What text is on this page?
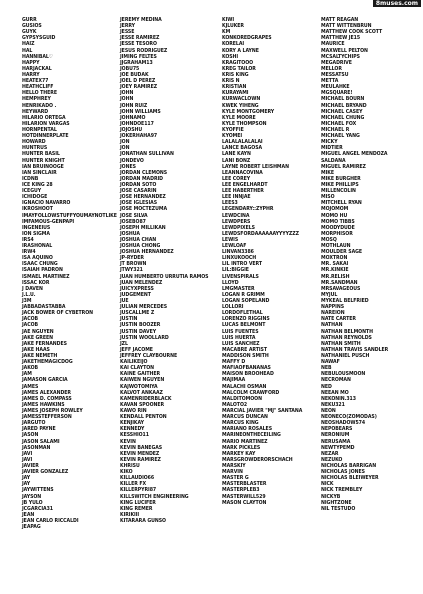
8muses.com
GURR
GUSIOS
GUYK
GYPSYSGUID
HAIZ
HAL
HANNIBAL♡
HAPPY
HARJACKAL
HARRY
HEATEX77
HEATHCLIFF
HELLO THERE
HEMPHREY
HENRIKADO .
HEYWARD
HILARIO ORTEGA
HILARION VARGAS
HORNPENTAL
HOTDINNERPLATE
HOWARD
HUNTRUS
HUNTER BASIL
HUNTER KNIGHT
IAN BRUINOOGE
IAN SINCLAIR
ICDNB
ICE KING 28
ICEGUY
ICHIDOGE
IGNACIO NAVARRO
IKROSHOOT
IMAYFOLLOWSTUFFYOUMAYNOTLIKE
IMFAMOUS-GENPAPI
INGENEIUS
ION SIGMA
IRS4
IRASHONAL
IRW4
ISA AQUINO
ISAAC CHUNG
ISAIAH PADRON
ISMAEL MARTINEZ
ISSAC KOR
J DAVEN
J.L.U.
J3M
JABBADASTABBA
JACK BOWER OF CYBETRON
JACOB
JACOB
JAE NGUYEN
JAKE GREEN
JAKE FERNANDES
JAKE HAAS
JAKE NEMETH
JAKETHEMAGICDOG
JAKOB
JAM
JAMASON GARCIA
JAMES
JAMES ALEXANDER
JAMES D. COMPASS
JAMES HAWKINS
JAMES JOSEPH ROWLEY
JAMESSTEFFERSON
JARGUTO
JARED PAYNE
JASON
JASON SALAMI
JASONMAN
JAVI
JAVI
JAVIER
JAVIER GONZALEZ
JAY
JAY
JAYWITTENS
JAYSON
JB YULO
JCGARCIA31
JEAN
JEAN CARLO RICCALDI
JEAPAG
JEREMY MEDINA
JERRY
JESSE
JESSE RAMIREZ
JESSE TESORO
JESUS RODRIGUEZ
JIMING FELTES
JJGRAHAM13
JOBU75
JOE BUDAK
JOEL D PEREZ
JOEY RAMIREZ
JOHN
JOHN
JOHN RUIZ
JOHN WILLIAMS
JOHNAMO
JOHNDOE117
JOJOSHU
JOKERHAHA97
JON
JON
JONATHAN SULLIVAN
JONDEVO
JONES
JORDAN CLEMONS
JORDAN MADRID
JORDAN SOTO
JOSE CASARIN
JOSE HERNANDEZ
JOSE IGLESIAS
JOSE MOCTEZUMA
JOSE SILVA
JOSEBO87
JOSEPH MILLIKAN
JOSHUA
JOSHUA CHAN
JOSHUA CHONG
JOSHUA HERNANDEZ
JP-RYDER
JT BROWN
JTWY321
JUAN HUMBERTO URRUTIA RAMOS
JUAN MELENDEZ
JUICYXPRESS
JUDGEMENT
JUE
JULIAN MERCEDES
JUSCALLME Z
JUSTIN
JUSTIN BOOZER
JUSTIN DAVEY
JUSTIN WOOLLARD
JZL
JEFF JACOME
JEFFREY CLAYBOURNE
KAILIKEIJO
KAI CLAYTON
KAINE GAITHER
KAIWEN NGUYEN
KAJWOTOMIYA
KALVOT ANKAAZ
KAMENRIDERBLACK
KAVAN SPOONER
KAWO RIN
KENDALL PENTON
KENJIKAY
KENNEDY
KESSHIO11
KEVIN
KEVIN BANEGAS
KEVIN MENDEZ
KEVIN RAMIREZ
KHRISU
KIKO
KILLAUDIO66
KILLER FX
KILLERPYRI87
KILLSWITCH ENGINEERING
KING LUCIFER
KING REMER
KIRIKIII
KITARARA GUNSO
KIWI
KJLUKER
KM
KONKOREDGRAPES
KORELAI
KORY A LAYNE
KOSHI
KRAGITOOO
KREG TAILOR
KRIS KING
KRIS N
KRISTIAN
KURAYAMI
KURWACLOWN
KWEK YIHENG
KYLE MONTGOMERY
KYLE MOORE
KYLE THOMPSON
KYOFFIE
KYOMEI
LALALALALALAI
LANCE BAGOSA
LANE KAYN
LANI BONZ
LAYNE ROBERT LEISHMAN
LEANNACOVINA
LEE COREY
LEE ENGELHARDT
LEE HABERTHER
LEE INNJAE
LEES3
LEGENDARY::ZYPHR
LEWDCINA
LEWDPERS
LEWDPIXELS
LEWDSFORDAAAAAAYYYYZZZ
LEWIS
LEWLOAF
LINVAN3386
LINXUKOOCH
LIL INTRO VERT
LIL:BIGGIE
LIVENSPIRALS
LLOYD
LMGMASTER
LOGAN R GRIMM
LOGAN SOPELAND
LOLLORI
LORDOFLETHAL
LORENZO RIGGINS
LUCAS BELMONT
LUIS FUENTES
LUIS HUERTA
LUIS SANCHEZ
MACABRE ARTIST
MADDISON SMITH
MAFFY D
MAFIAOFBANANAS
MAISON BROOHEAD
MAJIMAA
MALACHI OSMAN
MALCOLM CRAWFORD
MALDITOMOON
MALOTO2
MARCIAL JAVIER "MJ" SANTANA
MARCUS DUNCAN
MARCUS KING
MARIANO ROSALES
MARINEONTHECEILING
MARIO MARTINEZ
MARK PICKLES
MARKEY KAY
MARSGROWDERORSCHACH
MARSKIY
MARVIN
MASTER G
MASTERBLASTER
MASTERPLEB3
MASTERWILL529
MASON CLAYTON
MATT REAGAN
MATT WITTENBRUN
MATTHEW COOK SCOTT
MATTHEW JE15
MAURICE
MAXWELL PELTON
MCSALTYCHIPS
MEGADRIVE
MELLOR
MESSATSU
METTA
MEULAHKE
MGSQUARE!
MICHAEL BOURN
MICHAEL BRYAND
MICHAEL CASEY
MICHAEL CHUNG
MICHAEL FOX
MICHAEL R
MICHAEL YANG
MICKY
MIDTIER
MIGUEL ANGEL MENDOZA
SALDANA
MIGUEL RAMIREZ
MIKE
MIKE BURGHER
MIKE PHILLIPS
MILLENCOLIN
MISO
MITCHELL RYAN
MOJOMOM
MOMO HU
MOMO TIBBS
MOODYDUDE
MORPHISOR
MOSQ
MOTHLAUN
MOULDER SAGE
MOXTRON
MR. SAKAI
MR.KINKIE
MR.RELISH
MR.SANDMAN
MRSAVAGEOUS
MYJUL
MYKEAL BELFRIED
NAPPINS
NAREION
NATE CARTER
NATHAN
NATHAN BELMONTH
NATHAN REYNOLDS
NATHAN SMITH
NATHAN TRAVIS SANDLER
NATHANIEL PUSCH
NAWAF
NEB
NEBULOUSMOON
NECROMAN
NED
NEEAN MO
NEKONIN.313
NEKU321
NEON
NEONECO(ZOMODAS)
NEOSHADOW574
NEPOBEARS
NERONIUM
NERUSAMA
NEWTYPEMD
NEZAR
NEZUKO
NICHOLAS BARRIGAN
NICHOLAS JONES
NICHOLAS BLEIWEYER
NICK
NICK TREMBLEY
NICKYB
NIGHTZONE
NIL TESTUDO
